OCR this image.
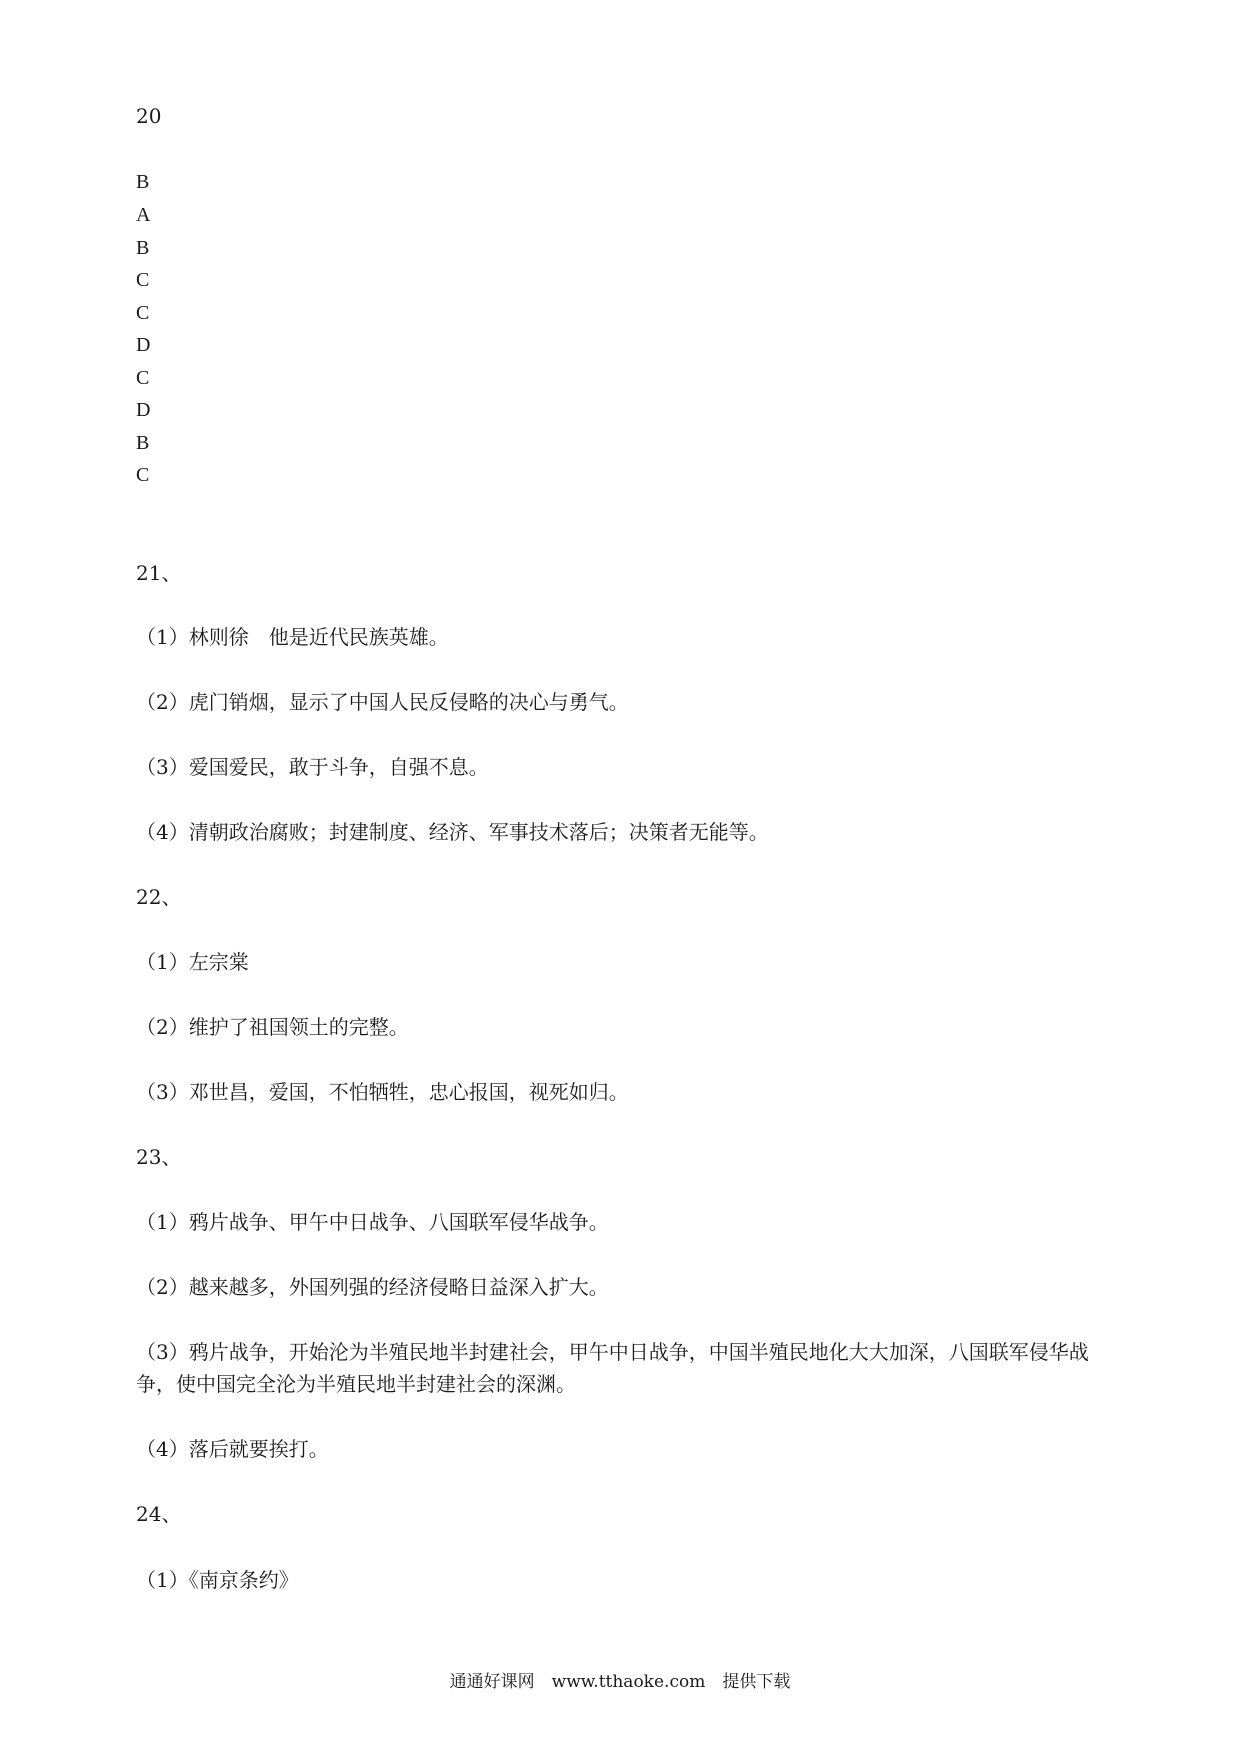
20
B
A
B
C
C
D
C
D
B
C
21、
（1）林则徐　他是近代民族英雄。
（2）虎门销烟，显示了中国人民反侵略的决心与勇气。
（3）爱国爱民，敢于斗争，自强不息。
（4）清朝政治腐败；封建制度、经济、军事技术落后；决策者无能等。
22、
（1）左宗棠
（2）维护了祖国领土的完整。
（3）邓世昌，爱国，不怕牺牲，忠心报国，视死如归。
23、
（1）鸦片战争、甲午中日战争、八国联军侵华战争。
（2）越来越多，外国列强的经济侵略日益深入扩大。
（3）鸦片战争，开始沦为半殖民地半封建社会，甲午中日战争，中国半殖民地化大大加深，八国联军侵华战争，使中国完全沦为半殖民地半封建社会的深渊。
（4）落后就要挨打。
24、
（1）《南京条约》
通通好课网　www.tthaoke.com　提供下载
